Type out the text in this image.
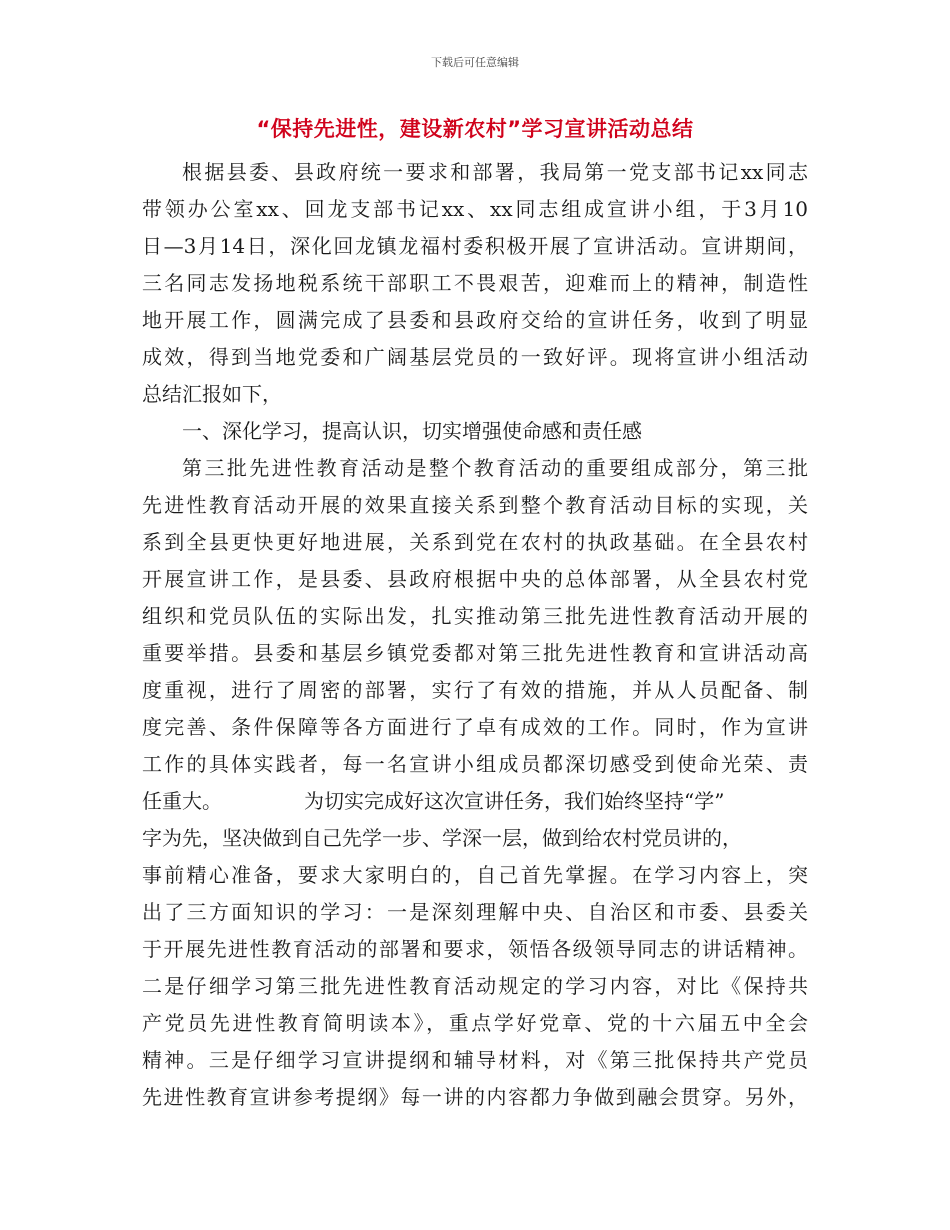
下载后可任意编辑
“保持先进性，建设新农村”学习宣讲活动总结
根据县委、县政府统一要求和部署，我局第一党支部书记xx同志
带领办公室xx、回龙支部书记xx、xx同志组成宣讲小组，于3月10
日—3月14日，深化回龙镇龙福村委积极开展了宣讲活动。宣讲期间，
三名同志发扬地税系统干部职工不畏艰苦，迎难而上的精神，制造性
地开展工作，圆满完成了县委和县政府交给的宣讲任务，收到了明显
成效，得到当地党委和广阔基层党员的一致好评。现将宣讲小组活动
总结汇报如下，
一、深化学习，提高认识，切实增强使命感和责任感
第三批先进性教育活动是整个教育活动的重要组成部分，第三批
先进性教育活动开展的效果直接关系到整个教育活动目标的实现，关
系到全县更快更好地进展，关系到党在农村的执政基础。在全县农村
开展宣讲工作，是县委、县政府根据中央的总体部署，从全县农村党
组织和党员队伍的实际出发，扎实推动第三批先进性教育活动开展的
重要举措。县委和基层乡镇党委都对第三批先进性教育和宣讲活动高
度重视，进行了周密的部署，实行了有效的措施，并从人员配备、制
度完善、条件保障等各方面进行了卓有成效的工作。同时，作为宣讲
工作的具体实践者，每一名宣讲小组成员都深切感受到使命光荣、责
任重大。	为切实完成好这次宣讲任务，我们始终坚持“学”
字为先，坚决做到自己先学一步、学深一层，做到给农村党员讲的，
事前精心准备，要求大家明白的，自己首先掌握。在学习内容上，突
出了三方面知识的学习：一是深刻理解中央、自治区和市委、县委关
于开展先进性教育活动的部署和要求，领悟各级领导同志的讲话精神。
二是仔细学习第三批先进性教育活动规定的学习内容，对比《保持共
产党员先进性教育简明读本》，重点学好党章、党的十六届五中全会
精神。三是仔细学习宣讲提纲和辅导材料，对《第三批保持共产党员
先进性教育宣讲参考提纲》每一讲的内容都力争做到融会贯穿。另外，
